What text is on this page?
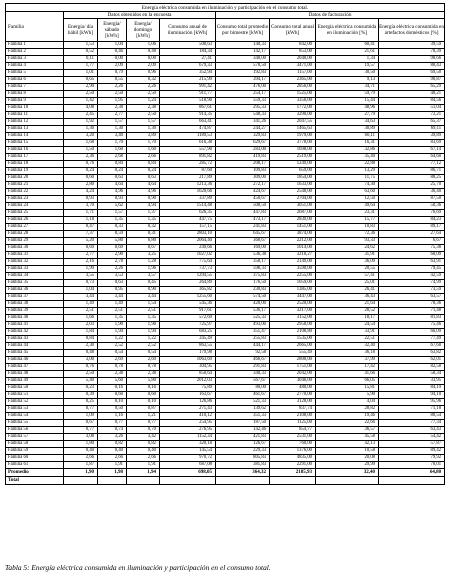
Energía eléctrica consumida en iluminación y participación en el consumo total.								
Familia	Datos obtenidos en la encuesta				Datos de facturación			
	Energía/ día hábil [kWh]	Energía/ sábado [kWh]	Energía/ domingo [kWh]	Consumo anual de iluminación [kWh]	Consumo total promedio por bimestre [kWh]	Consumo total anual [kWh]	Energía eléctrica consumida en iluminación [%]	Energía eléctrica consumida en artefactos domésticos [%]
Familia 1	1,53	1,04	1,06	508,63	140,33	842,00	60,41	39,59
Familia 2	0,52	0,46	0,48	184,34	142,17	853,00	21,61	78,39
Familia 3	0,11	0,00	0,00	27,41	340,00	2040,00	1,34	98,66
Familia 4	1,77	2,09	2,09	679,33	578,50	3471,00	19,57	80,43
Familia 5	1,01	0,79	0,96	352,94	192,83	1157,00	30,50	69,50
Familia 6	0,65	0,55	0,32	215,99	394,17	2365,00	9,13	90,87
Familia 7	2,90	2,26	2,26	991,42	476,00	2856,00	34,71	65,29
Familia 8	2,50	2,50	2,50	911,77	254,17	1525,00	59,79	40,21
Familia 9	1,42	1,95	1,24	518,90	559,33	3356,00	15,44	84,56
Familia 10	4,08	2,38	2,38	867,61	295,33	1772,00	48,96	51,04
Familia 11	2,45	2,77	2,50	914,35	548,33	3290,00	27,79	72,21
Familia 12	1,92	1,57	1,57	663,41	341,26	2047,55	34,63	65,37
Familia 13	1,30	1,30	1,30	474,87	244,27	1465,63	30,89	69,11
Familia 14	3,20	3,40	3,89	1189,53	329,83	1979,00	60,11	39,89
Familia 15	1,68	1,70	1,70	616,38	629,67	3778,00	16,31	83,69
Familia 16	1,50	1,60	1,60	557,90	283,00	1698,00	32,86	67,14
Familia 17	2,36	2,68	2,66	891,82	419,83	2519,00	35,40	64,60
Familia 18	0,76	0,84	0,84	285,72	208,17	1249,00	22,88	77,12
Familia 19	0,24	0,24	0,24	87,60	109,83	659,00	13,29	86,71
Familia 20	0,60	0,63	0,63	217,89	309,00	1854,00	11,75	88,25
Familia 21	2,80	4,64	4,64	1213,36	272,17	1633,00	74,30	25,70
Familia 22	4,24	4,96	4,96	1620,66	424,67	2548,00	63,60	36,40
Familia 23	0,93	0,93	0,90	337,89	450,67	2704,00	12,50	87,50
Familia 24	3,70	5,62	4,94	1514,48	508,50	3051,00	49,64	50,36
Familia 25	1,71	1,57	1,37	626,35	447,83	2687,00	23,31	76,69
Familia 26	1,18	1,35	1,35	447,75	473,17	2839,00	15,77	84,23
Familia 27	0,47	0,33	0,32	157,15	241,83	1451,00	10,83	89,17
Familia 28	7,37	8,59	8,31	2803,10	645,67	3874,00	72,36	27,64
Familia 29	5,20	5,80	6,80	2064,40	368,67	2212,00	93,33	6,67
Familia 30	0,69	0,69	0,67	249,66	169,00	1014,00	24,62	75,38
Familia 31	2,77	2,90	3,25	1027,02	536,38	3218,27	31,91	68,09
Familia 32	2,16	2,78	1,28	775,64	358,17	2149,00	36,09	63,91
Familia 33	1,99	2,26	1,96	737,73	598,33	3590,00	20,55	79,45
Familia 34	3,55	3,53	3,57	1294,55	375,83	2255,00	57,41	42,59
Familia 35	0,73	0,63	0,45	264,89	176,50	1059,00	25,01	74,99
Familia 36	1,04	0,95	0,90	365,82	230,83	1385,00	26,41	73,59
Familia 37	3,44	3,44	3,44	1255,60	574,50	3447,00	36,43	63,57
Familia 38	1,49	1,49	1,54	545,36	420,00	2520,00	21,64	78,36
Familia 39	2,51	2,51	2,51	917,61	536,17	3217,00	28,52	71,48
Familia 40	1,66	1,35	1,35	572,69	525,33	3152,00	18,17	81,83
Familia 41	2,03	1,90	1,90	725,97	493,00	2958,00	24,54	75,46
Familia 42	1,84	1,94	1,94	683,25	351,47	2108,80	33,91	66,09
Familia 43	0,84	1,22	1,22	345,49	255,83	1535,00	22,51	77,49
Familia 44	2,30	2,52	2,52	863,55	444,17	2665,00	32,40	67,60
Familia 45	0,48	0,54	0,54	179,98	92,58	555,49	36,18	63,82
Familia 46	3,00	2,69	2,69	1063,69	466,67	2800,00	37,99	62,01
Familia 47	0,76	0,78	0,78	304,95	291,83	1751,00	17,42	82,58
Familia 48	2,50	2,38	2,38	850,64	340,33	2042,00	41,66	58,34
Familia 49	5,40	5,60	5,80	2012,03	567,67	3046,00	66,05	33,95
Familia 50	0,23	0,16	0,16	75,89	80,00	480,00	15,81	84,19
Familia 51	0,39	0,60	0,60	163,67	461,67	2770,00	5,90	94,10
Familia 52	0,25	0,10	0,10	126,86	521,33	3128,00	4,04	95,96
Familia 53	0,77	0,50	0,87	271,43	139,62	837,74	28,82	71,18
Familia 54	1,09	1,16	1,21	410,12	351,33	2108,00	19,46	80,54
Familia 55	0,67	0,77	0,77	254,95	187,50	1125,00	22,66	77,34
Familia 56	0,77	0,74	0,70	276,95	142,46	854,77	36,57	63,43
Familia 57	3,08	3,26	3,42	1152,34	421,83	2531,00	45,58	54,42
Familia 58	1,80	0,82	0,82	320,18	126,67	760,00	42,13	57,87
Familia 59	0,40	0,40	0,40	145,54	229,33	1376,00	10,58	89,42
Familia 60	2,66	2,66	2,66	970,72	805,83	4835,00	20,08	79,92
Familia 61	1,87	1,91	1,91	687,08	381,83	2291,00	29,99	70,01
Promedio	1,90	1,98	1,94	698,05	364,32	2185,93	32,40	64,80
Total								
Tabla 5: Energía eléctrica consumida en iluminación y participación en el consumo total.
